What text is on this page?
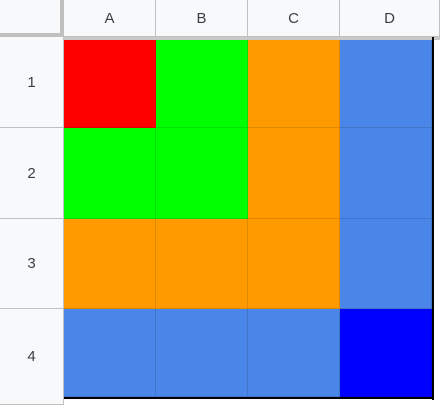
A	B	C	D
1
2
3
4
